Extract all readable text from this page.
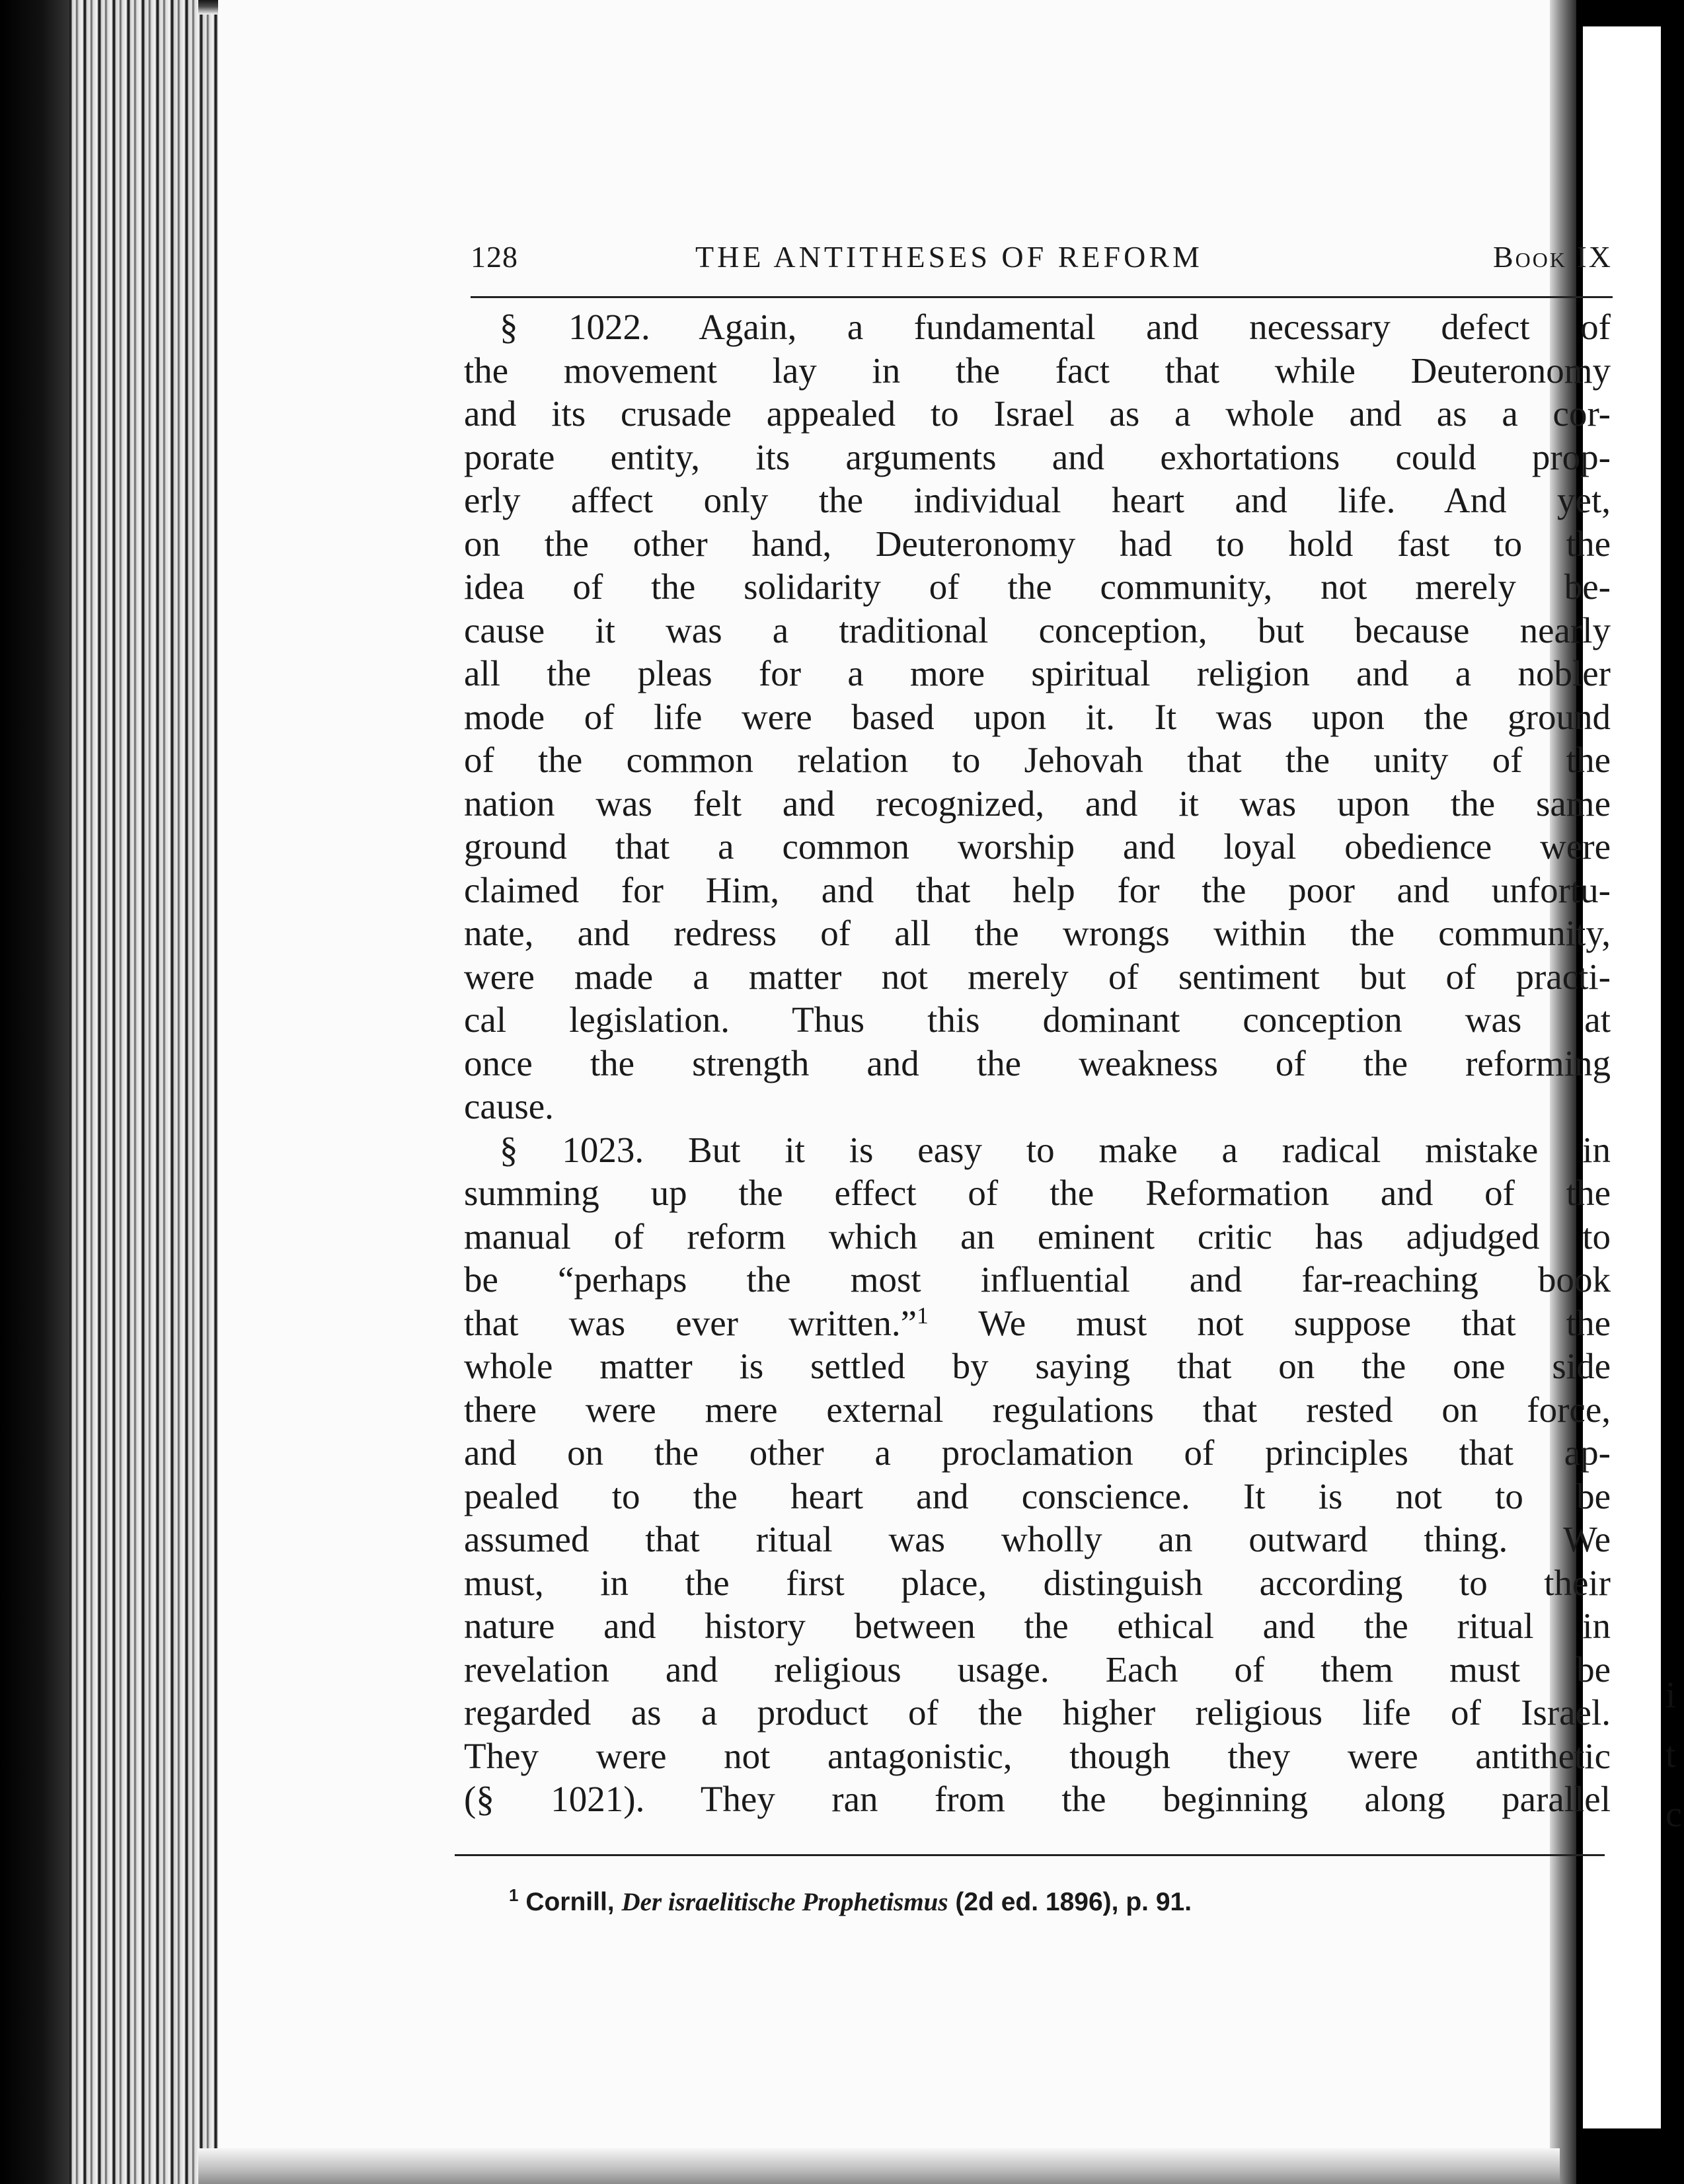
i
t
c
128	THE ANTITHESES OF REFORM	Book IX
§ 1022. Again, a fundamental and necessary defect of
the movement lay in the fact that while Deuteronomy
and its crusade appealed to Israel as a whole and as a cor-
porate entity, its arguments and exhortations could prop-
erly affect only the individual heart and life. And yet,
on the other hand, Deuteronomy had to hold fast to the
idea of the solidarity of the community, not merely be-
cause it was a traditional conception, but because nearly
all the pleas for a more spiritual religion and a nobler
mode of life were based upon it. It was upon the ground
of the common relation to Jehovah that the unity of the
nation was felt and recognized, and it was upon the same
ground that a common worship and loyal obedience were
claimed for Him, and that help for the poor and unfortu-
nate, and redress of all the wrongs within the community,
were made a matter not merely of sentiment but of practi-
cal legislation. Thus this dominant conception was at
once the strength and the weakness of the reforming
cause.
§ 1023. But it is easy to make a radical mistake in
summing up the effect of the Reformation and of the
manual of reform which an eminent critic has adjudged to
be “perhaps the most influential and far-reaching book
that was ever written.”$^1$ We must not suppose that the
whole matter is settled by saying that on the one side
there were mere external regulations that rested on force,
and on the other a proclamation of principles that ap-
pealed to the heart and conscience. It is not to be
assumed that ritual was wholly an outward thing. We
must, in the first place, distinguish according to their
nature and history between the ethical and the ritual in
revelation and religious usage. Each of them must be
regarded as a product of the higher religious life of Israel.
They were not antagonistic, though they were antithetic
(§ 1021). They ran from the beginning along parallel
$^1$ Cornill, Der israelitische Prophetismus (2d ed. 1896), p. 91.
